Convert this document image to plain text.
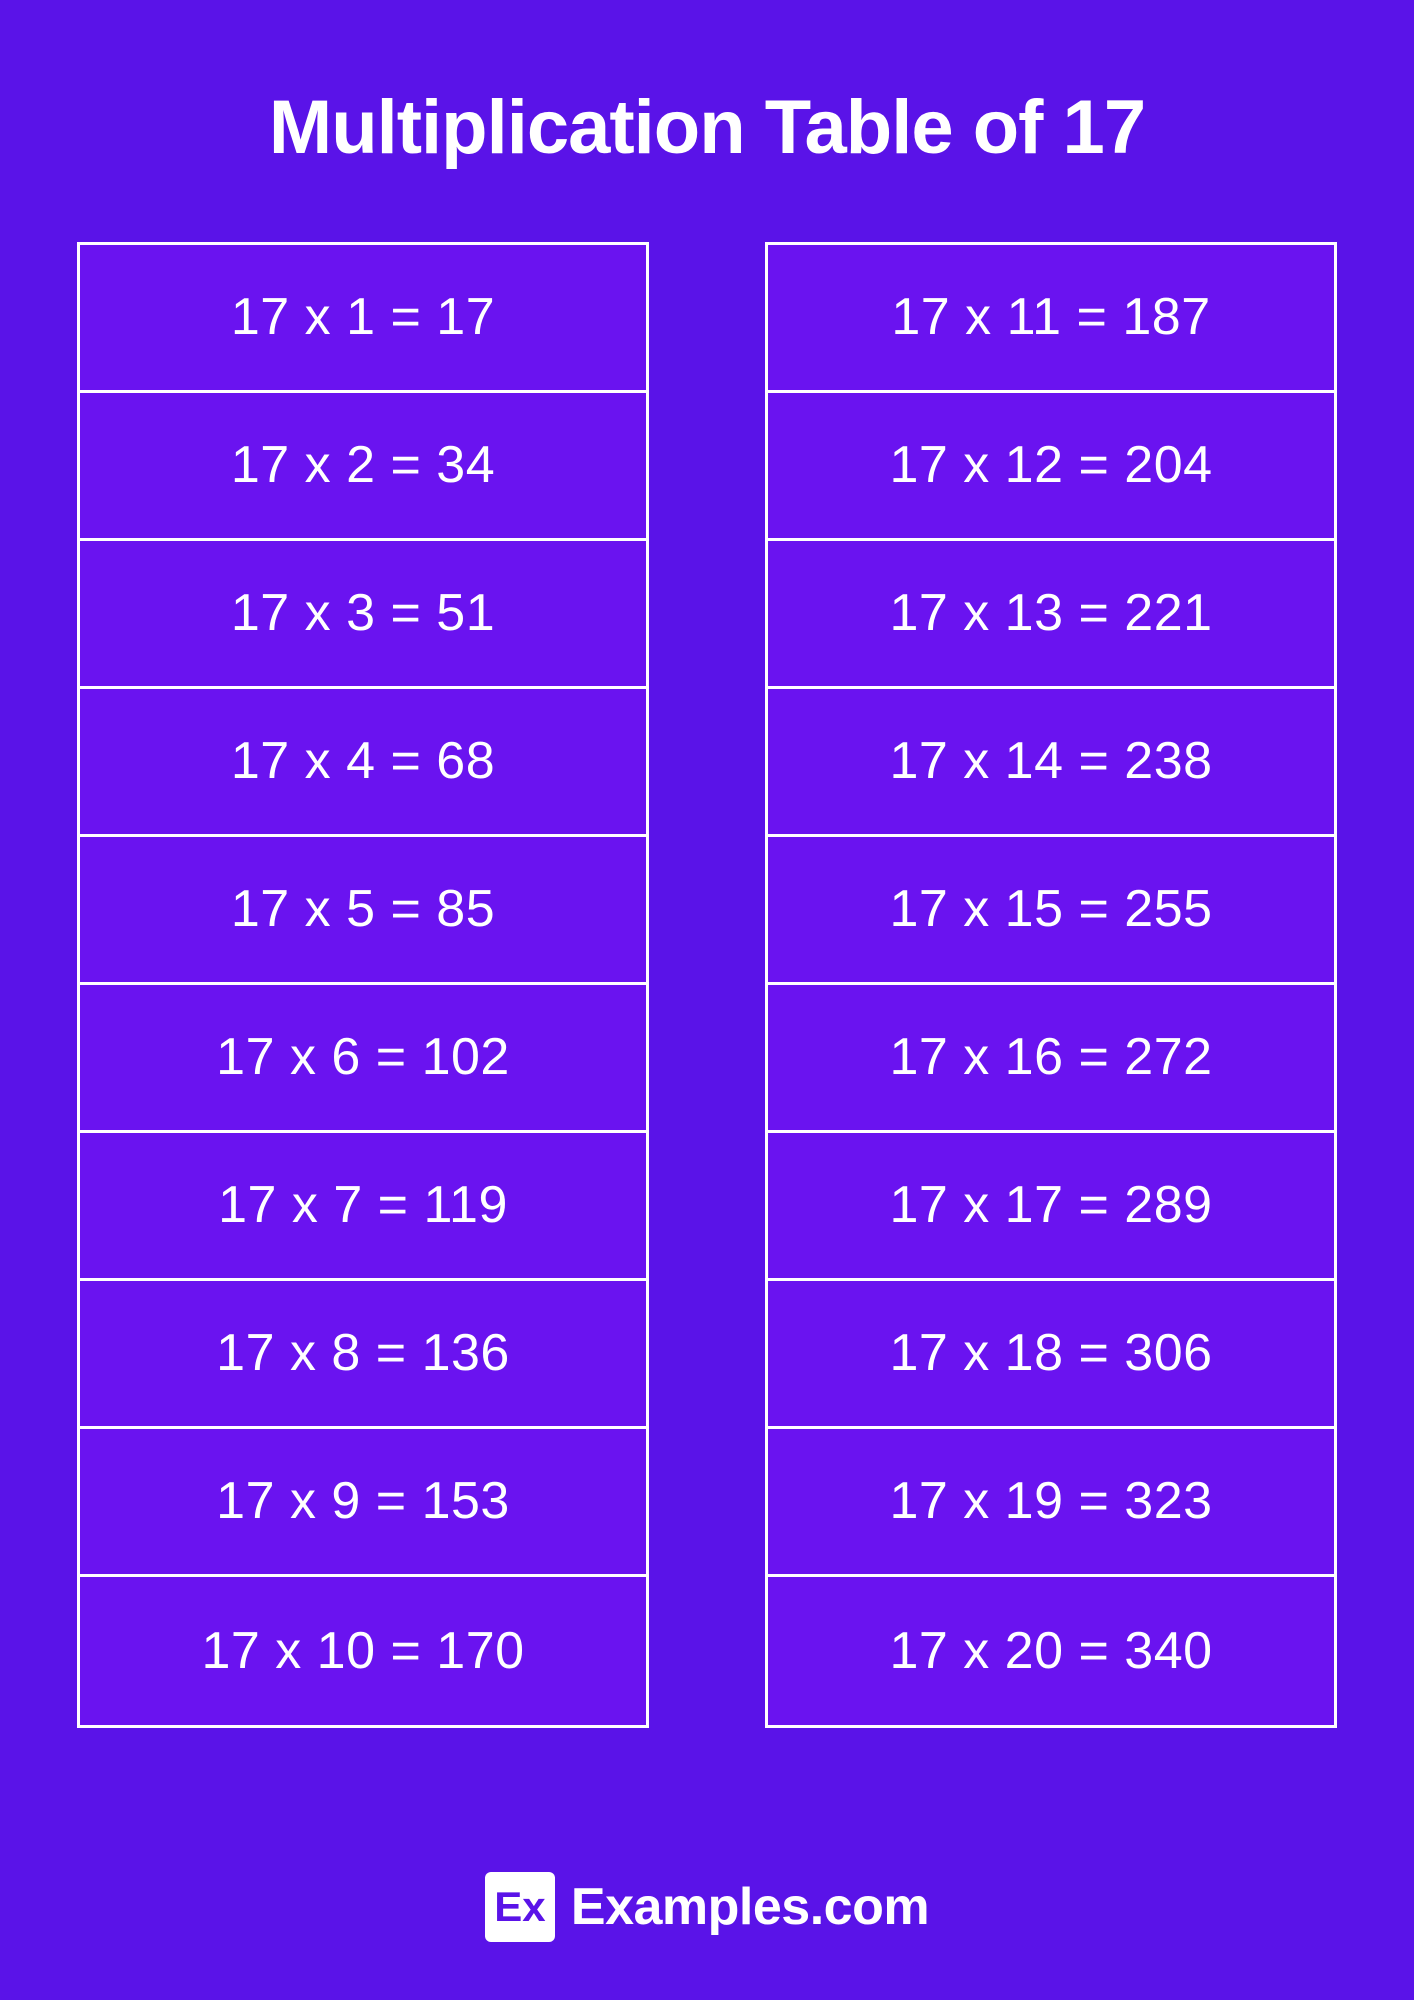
Multiplication Table of 17
17 x 1 = 17
17 x 2 = 34
17 x 3 = 51
17 x 4 = 68
17 x 5 = 85
17 x 6 = 102
17 x 7 = 119
17 x 8 = 136
17 x 9 = 153
17 x 10 = 170
17 x 11 = 187
17 x 12 = 204
17 x 13 = 221
17 x 14 = 238
17 x 15 = 255
17 x 16 = 272
17 x 17 = 289
17 x 18 = 306
17 x 19 = 323
17 x 20 = 340
Ex Examples.com
